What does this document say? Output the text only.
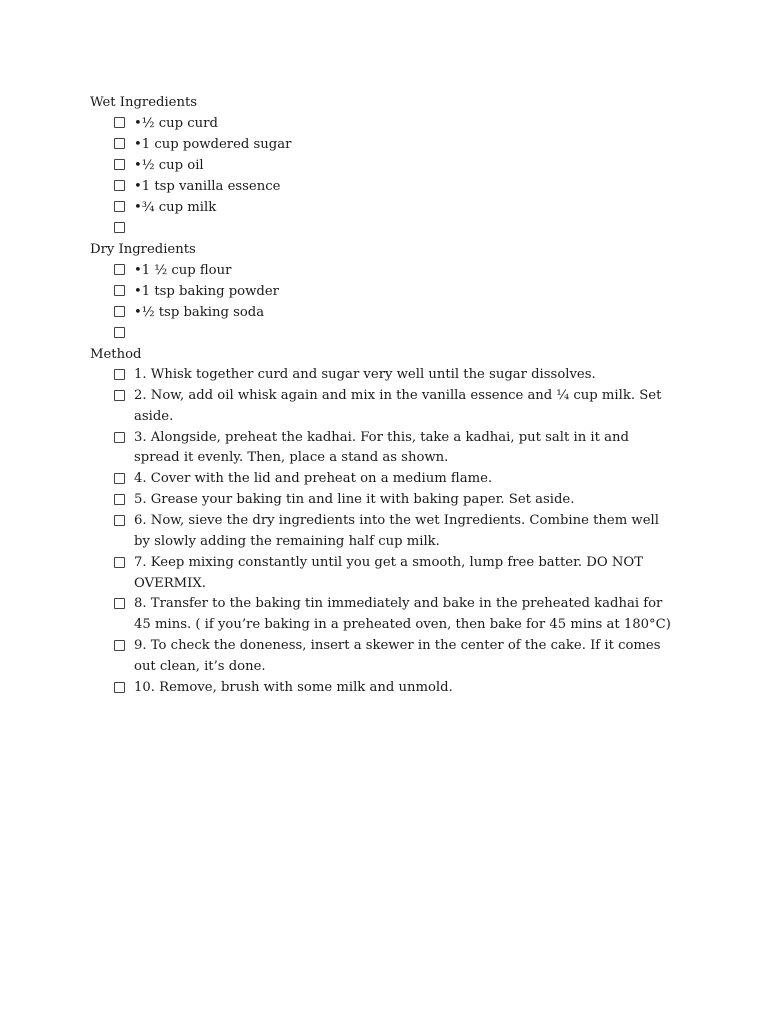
Wet Ingredients
•½ cup curd
•1 cup powdered sugar
•½ cup oil
•1 tsp vanilla essence
•¾ cup milk
Dry Ingredients
•1 ½ cup flour
•1 tsp baking powder
•½ tsp baking soda
Method
1. Whisk together curd and sugar very well until the sugar dissolves.
2. Now, add oil whisk again and mix in the vanilla essence and ¼ cup milk. Set aside.
3. Alongside, preheat the kadhai. For this, take a kadhai, put salt in it and spread it evenly. Then, place a stand as shown.
4. Cover with the lid and preheat on a medium flame.
5. Grease your baking tin and line it with baking paper. Set aside.
6. Now, sieve the dry ingredients into the wet Ingredients. Combine them well by slowly adding the remaining half cup milk.
7. Keep mixing constantly until you get a smooth, lump free batter. DO NOT OVERMIX.
8. Transfer to the baking tin immediately and bake in the preheated kadhai for 45 mins. ( if you’re baking in a preheated oven, then bake for 45 mins at 180°C)
9. To check the doneness, insert a skewer in the center of the cake. If it comes out clean, it’s done.
10. Remove, brush with some milk and unmold.
